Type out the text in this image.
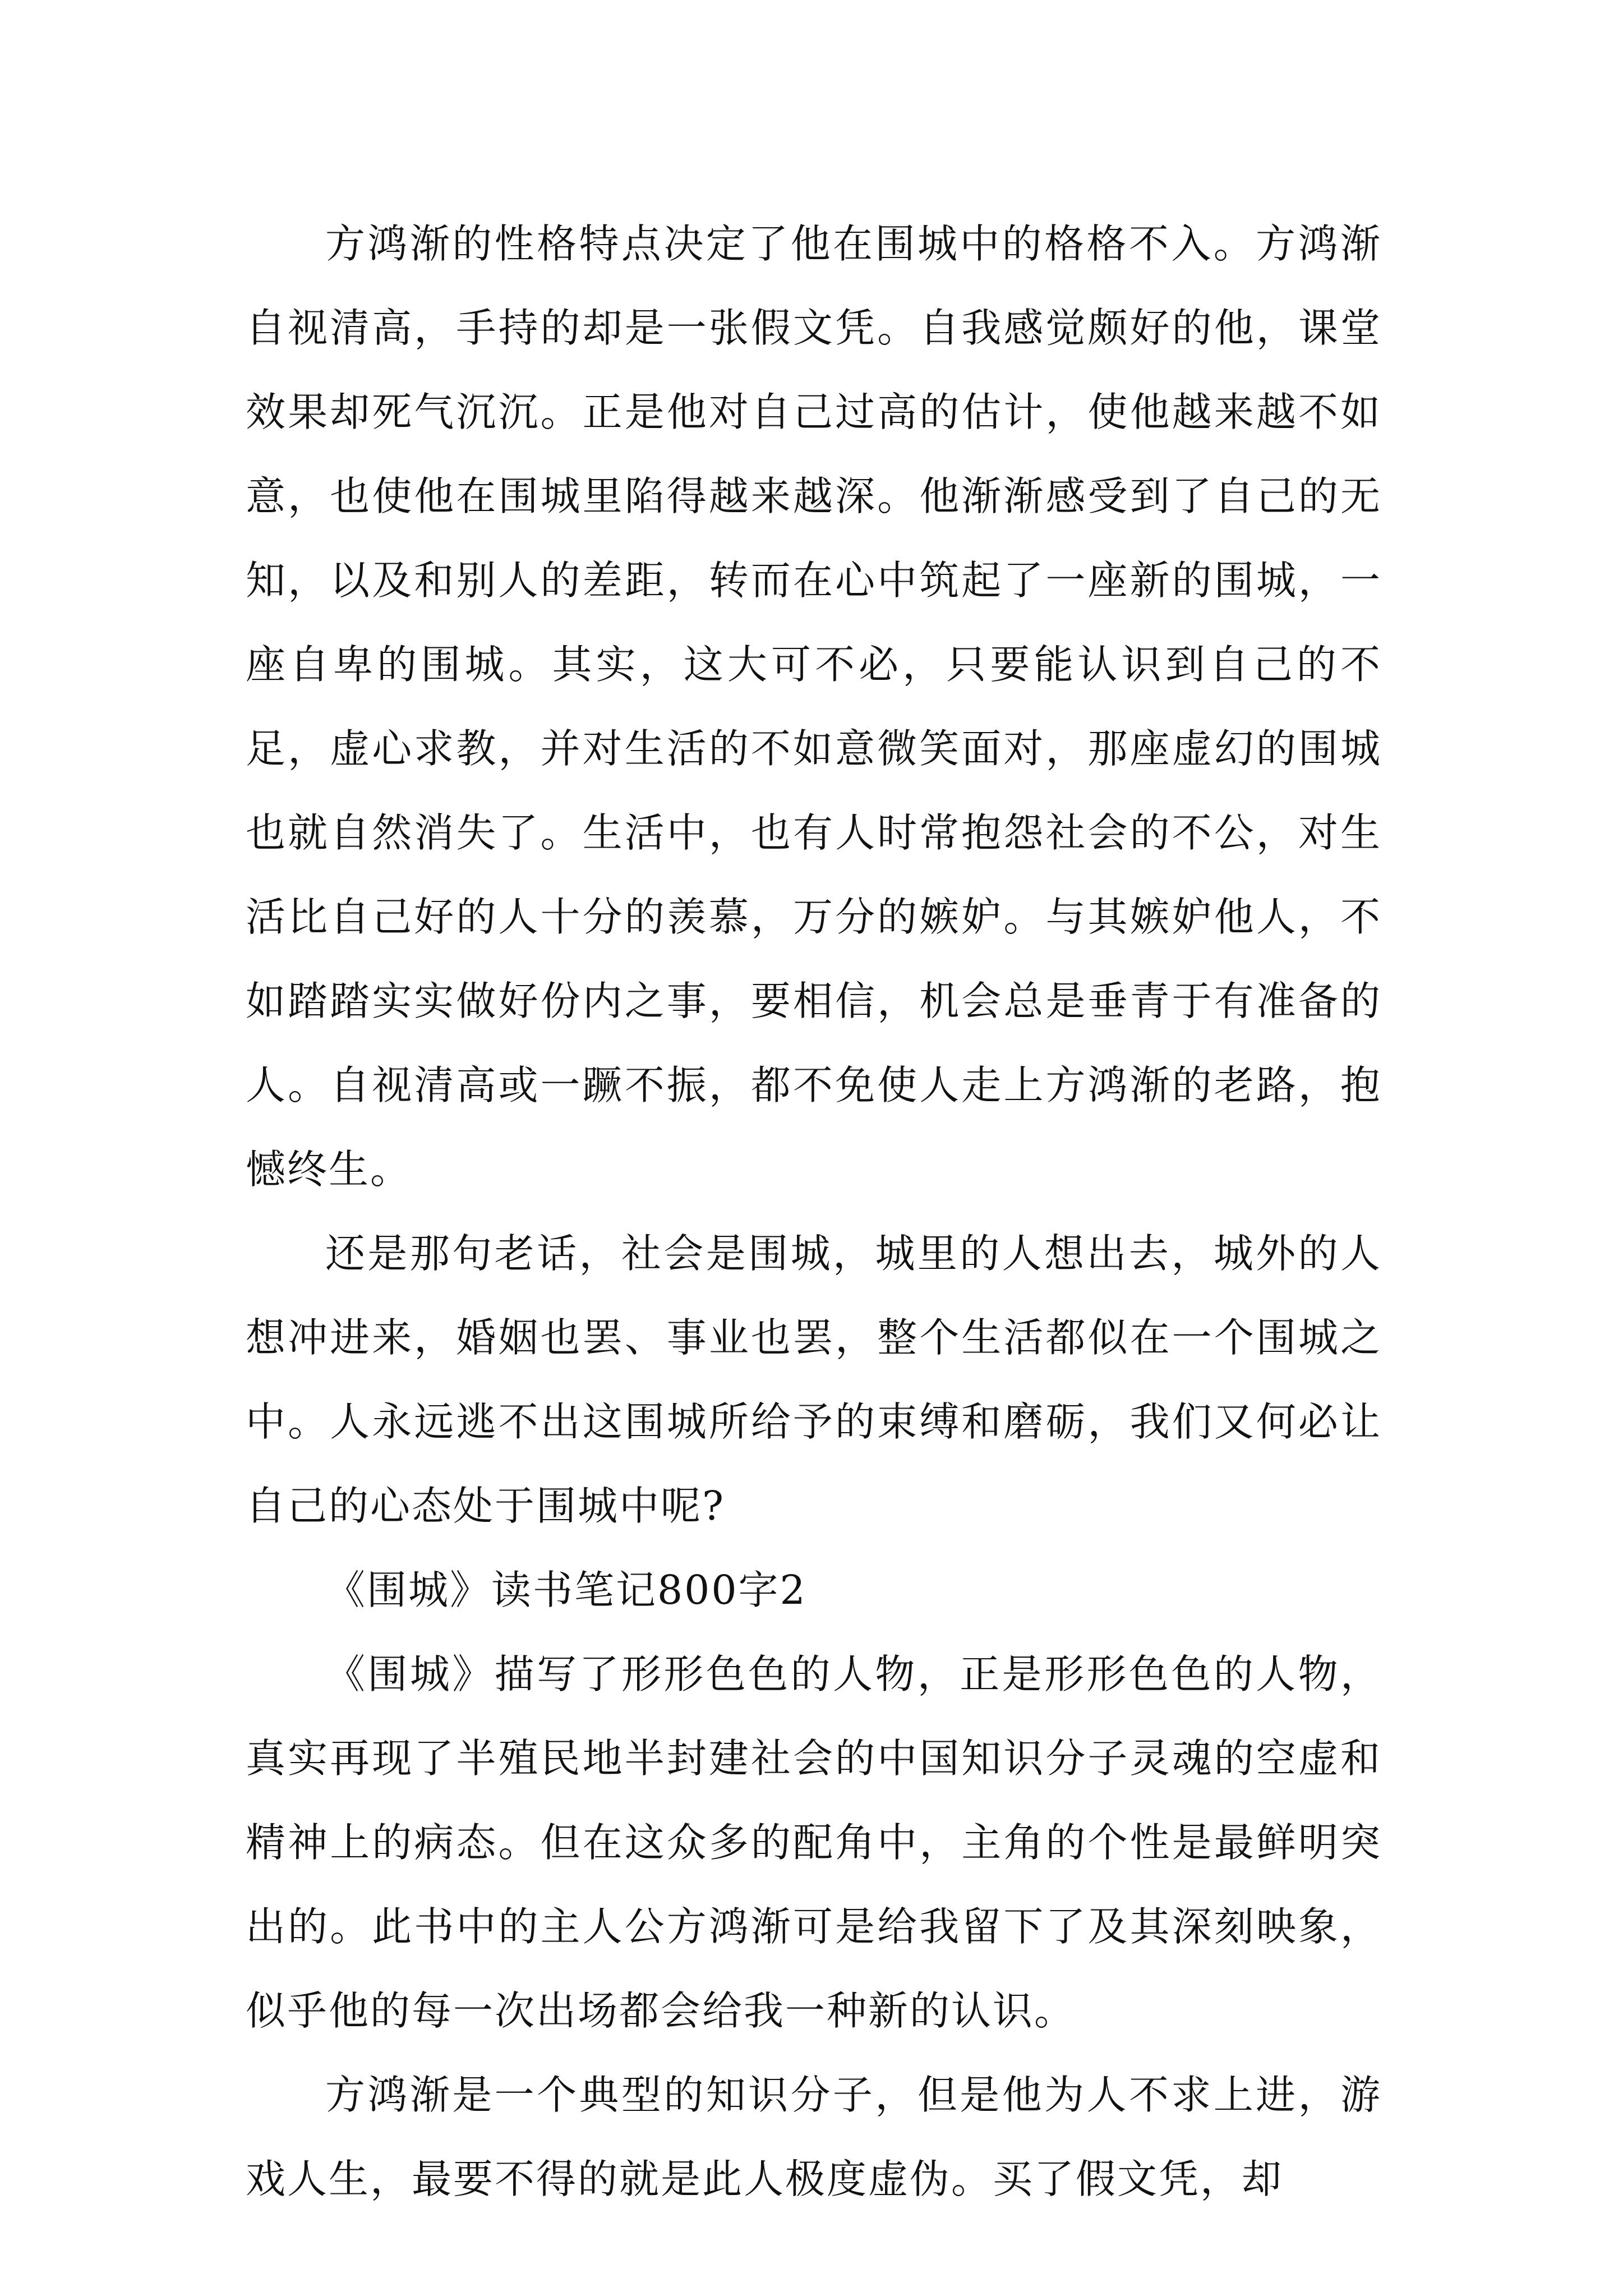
方鸿渐的性格特点决定了他在围城中的格格不入。方鸿渐自视清高，手持的却是一张假文凭。自我感觉颇好的他，课堂效果却死气沉沉。正是他对自己过高的估计，使他越来越不如意，也使他在围城里陷得越来越深。他渐渐感受到了自己的无知，以及和别人的差距，转而在心中筑起了一座新的围城，一座自卑的围城。其实，这大可不必，只要能认识到自己的不足，虚心求教，并对生活的不如意微笑面对，那座虚幻的围城也就自然消失了。生活中，也有人时常抱怨社会的不公，对生活比自己好的人十分的羡慕，万分的嫉妒。与其嫉妒他人，不如踏踏实实做好份内之事，要相信，机会总是垂青于有准备的人。自视清高或一蹶不振，都不免使人走上方鸿渐的老路，抱憾终生。

还是那句老话，社会是围城，城里的人想出去，城外的人想冲进来，婚姻也罢、事业也罢，整个生活都似在一个围城之中。人永远逃不出这围城所给予的束缚和磨砺，我们又何必让自己的心态处于围城中呢?

《围城》读书笔记800字2

《围城》描写了形形色色的人物，正是形形色色的人物，真实再现了半殖民地半封建社会的中国知识分子灵魂的空虚和精神上的病态。但在这众多的配角中，主角的个性是最鲜明突出的。此书中的主人公方鸿渐可是给我留下了及其深刻映象，似乎他的每一次出场都会给我一种新的认识。

方鸿渐是一个典型的知识分子，但是他为人不求上进，游戏人生，最要不得的就是此人极度虚伪。买了假文凭，却
